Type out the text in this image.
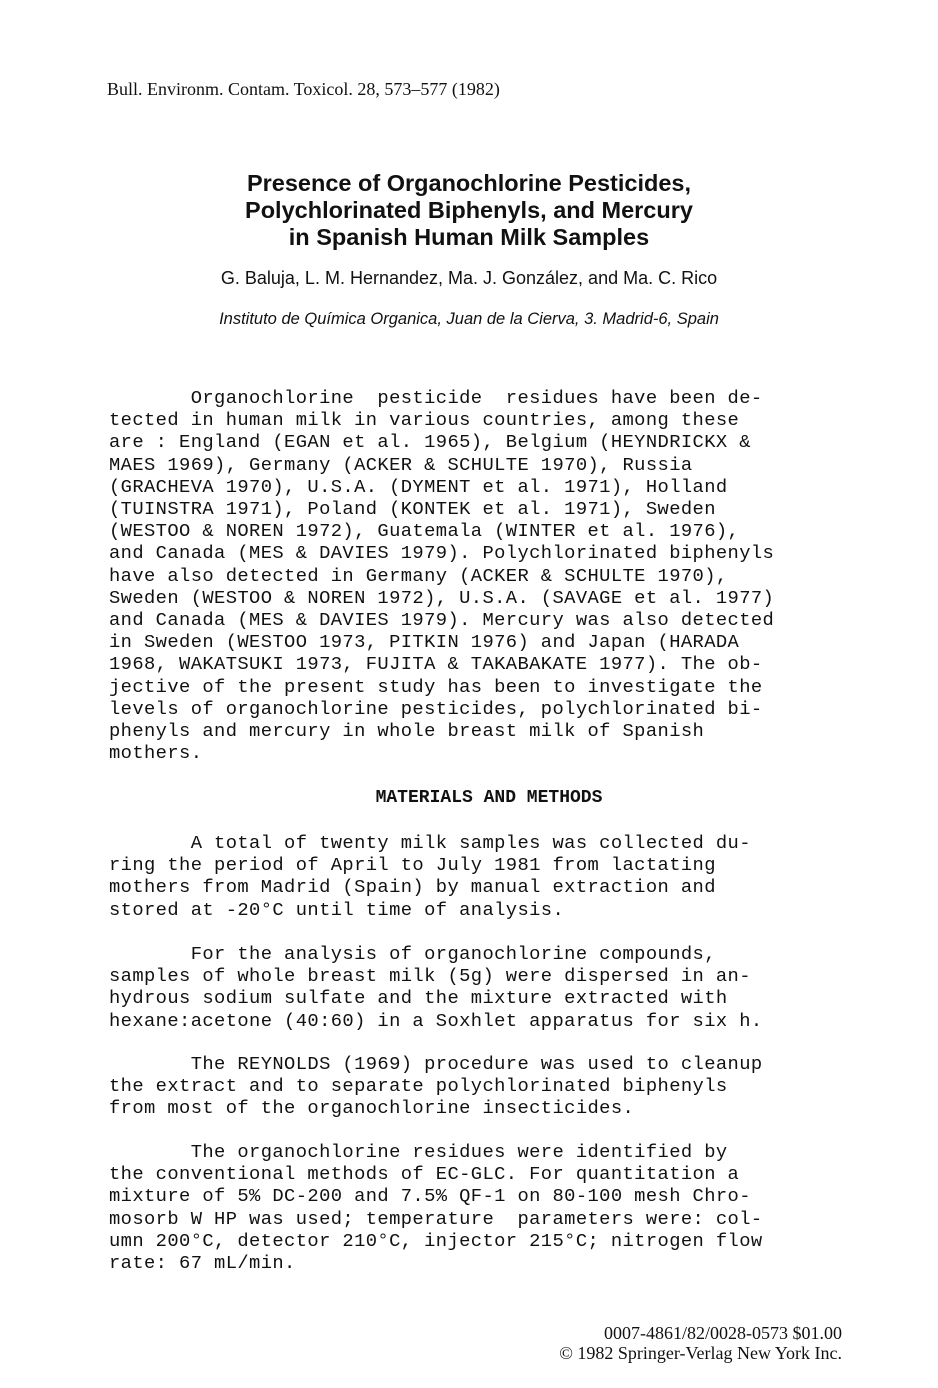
Bull. Environm. Contam. Toxicol. 28, 573–577 (1982)

Presence of Organochlorine Pesticides,
Polychlorinated Biphenyls, and Mercury
in Spanish Human Milk Samples

G. Baluja, L. M. Hernandez, Ma. J. González, and Ma. C. Rico

Instituto de Química Organica, Juan de la Cierva, 3. Madrid-6, Spain

Organochlorine  pesticide  residues have been de-
tected in human milk in various countries, among these
are : England (EGAN et al. 1965), Belgium (HEYNDRICKX &
MAES 1969), Germany (ACKER & SCHULTE 1970), Russia
(GRACHEVA 1970), U.S.A. (DYMENT et al. 1971), Holland
(TUINSTRA 1971), Poland (KONTEK et al. 1971), Sweden
(WESTOO & NOREN 1972), Guatemala (WINTER et al. 1976),
and Canada (MES & DAVIES 1979). Polychlorinated biphenyls
have also detected in Germany (ACKER & SCHULTE 1970),
Sweden (WESTOO & NOREN 1972), U.S.A. (SAVAGE et al. 1977)
and Canada (MES & DAVIES 1979). Mercury was also detected
in Sweden (WESTOO 1973, PITKIN 1976) and Japan (HARADA
1968, WAKATSUKI 1973, FUJITA & TAKABAKATE 1977). The ob-
jective of the present study has been to investigate the
levels of organochlorine pesticides, polychlorinated bi-
phenyls and mercury in whole breast milk of Spanish
mothers.

MATERIALS AND METHODS

A total of twenty milk samples was collected du-
ring the period of April to July 1981 from lactating
mothers from Madrid (Spain) by manual extraction and
stored at -20°C until time of analysis.

For the analysis of organochlorine compounds,
samples of whole breast milk (5g) were dispersed in an-
hydrous sodium sulfate and the mixture extracted with
hexane:acetone (40:60) in a Soxhlet apparatus for six h.

The REYNOLDS (1969) procedure was used to cleanup
the extract and to separate polychlorinated biphenyls
from most of the organochlorine insecticides.

The organochlorine residues were identified by
the conventional methods of EC-GLC. For quantitation a
mixture of 5% DC-200 and 7.5% QF-1 on 80-100 mesh Chro-
mosorb W HP was used; temperature  parameters were: col-
umn 200°C, detector 210°C, injector 215°C; nitrogen flow
rate: 67 mL/min.

0007-4861/82/0028-0573 $01.00
© 1982 Springer-Verlag New York Inc.
